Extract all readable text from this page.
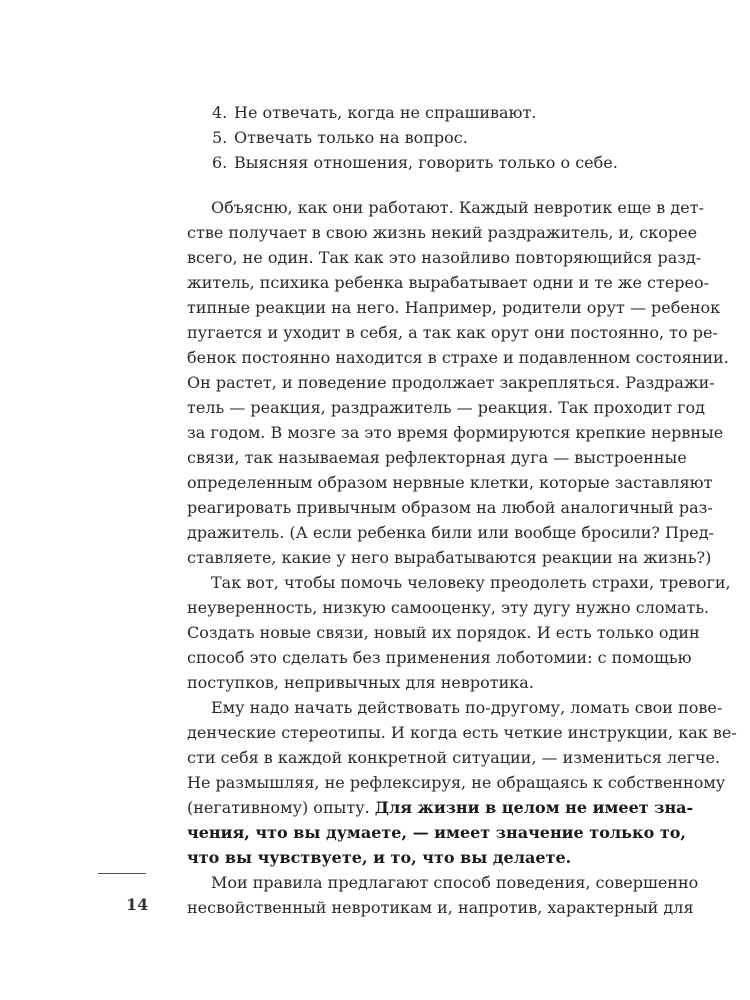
4. Не отвечать, когда не спрашивают.
5. Отвечать только на вопрос.
6. Выясняя отношения, говорить только о себе.
Объясню, как они работают. Каждый невротик еще в дет-
стве получает в свою жизнь некий раздражитель, и, скорее
всего, не один. Так как это назойливо повторяющийся разд-
житель, психика ребенка вырабатывает одни и те же стерео-
типные реакции на него. Например, родители орут — ребенок
пугается и уходит в себя, а так как орут они постоянно, то ре-
бенок постоянно находится в страхе и подавленном состоянии.
Он растет, и поведение продолжает закрепляться. Раздражи-
тель — реакция, раздражитель — реакция. Так проходит год
за годом. В мозге за это время формируются крепкие нервные
связи, так называемая рефлекторная дуга — выстроенные
определенным образом нервные клетки, которые заставляют
реагировать привычным образом на любой аналогичный раз-
дражитель. (А если ребенка били или вообще бросили? Пред-
ставляете, какие у него вырабатываются реакции на жизнь?)
Так вот, чтобы помочь человеку преодолеть страхи, тревоги,
неуверенность, низкую самооценку, эту дугу нужно сломать.
Создать новые связи, новый их порядок. И есть только один
способ это сделать без применения лоботомии: с помощью
поступков, непривычных для невротика.
Ему надо начать действовать по-другому, ломать свои пове-
денческие стереотипы. И когда есть четкие инструкции, как ве-
сти себя в каждой конкретной ситуации, — измениться легче.
Не размышляя, не рефлексируя, не обращаясь к собственному
(негативному) опыту. Для жизни в целом не имеет зна-
чения, что вы думаете, — имеет значение только то,
что вы чувствуете, и то, что вы делаете.
Мои правила предлагают способ поведения, совершенно
несвойственный невротикам и, напротив, характерный для
14
